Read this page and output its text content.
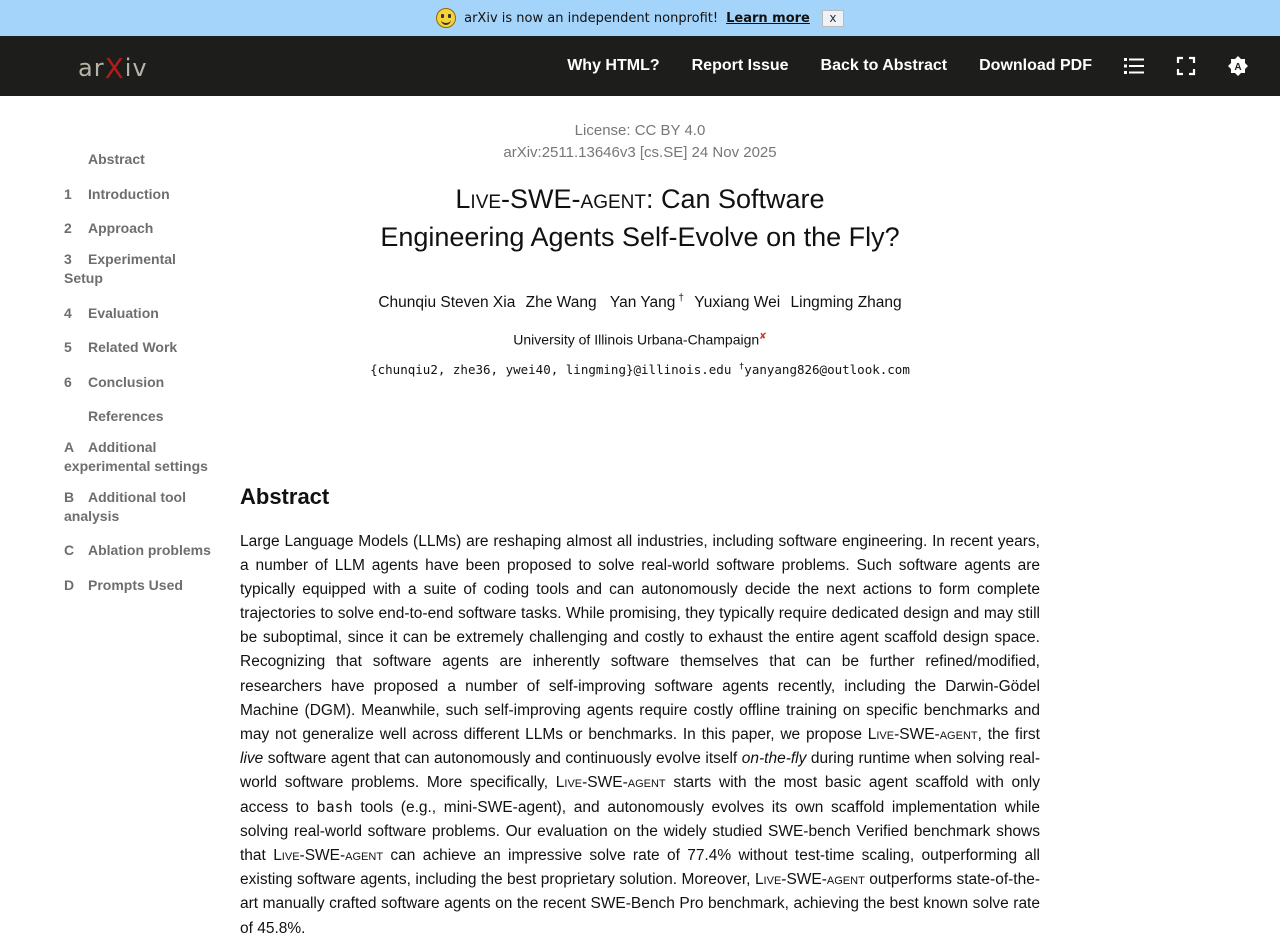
arXiv is now an independent nonprofit! Learn more	x
arXiv	Why HTML? Report Issue Back to Abstract Download PDF	A
Abstract
1 Introduction
2 Approach
3 Experimental Setup
4 Evaluation
5 Related Work
6 Conclusion
References
A Additional experimental settings
B Additional tool analysis
C Ablation problems
D Prompts Used
License: CC BY 4.0
arXiv:2511.13646v3 [cs.SE] 24 Nov 2025
Live-SWE-agent: Can Software
Engineering Agents Self-Evolve on the Fly?
Chunqiu Steven Xia Zhe Wang Yan Yang † Yuxiang Wei Lingming Zhang
University of Illinois Urbana-Champaign✘
{chunqiu2, zhe36, ywei40, lingming}@illinois.edu †yanyang826@outlook.com
Abstract
Large Language Models (LLMs) are reshaping almost all industries, including software engineering. In recent years, a number of LLM agents have been proposed to solve real-world software problems. Such software agents are typically equipped with a suite of coding tools and can autonomously decide the next actions to form complete trajectories to solve end-to-end software tasks. While promising, they typically require dedicated design and may still be suboptimal, since it can be extremely challenging and costly to exhaust the entire agent scaffold design space. Recognizing that software agents are inherently software themselves that can be further refined/modified, researchers have proposed a number of self-improving software agents recently, including the Darwin-Gödel Machine (DGM). Meanwhile, such self-improving agents require costly offline training on specific benchmarks and may not generalize well across different LLMs or benchmarks. In this paper, we propose Live-SWE-agent, the first live software agent that can autonomously and continuously evolve itself on-the-fly during runtime when solving real-world software problems. More specifically, Live-SWE-agent starts with the most basic agent scaffold with only access to bash tools (e.g., mini-SWE-agent), and autonomously evolves its own scaffold implementation while solving real-world software problems. Our evaluation on the widely studied SWE-bench Verified benchmark shows that Live-SWE-agent can achieve an impressive solve rate of 77.4% without test-time scaling, outperforming all existing software agents, including the best proprietary solution. Moreover, Live-SWE-agent outperforms state-of-the-art manually crafted software agents on the recent SWE-Bench Pro benchmark, achieving the best known solve rate of 45.8%.
